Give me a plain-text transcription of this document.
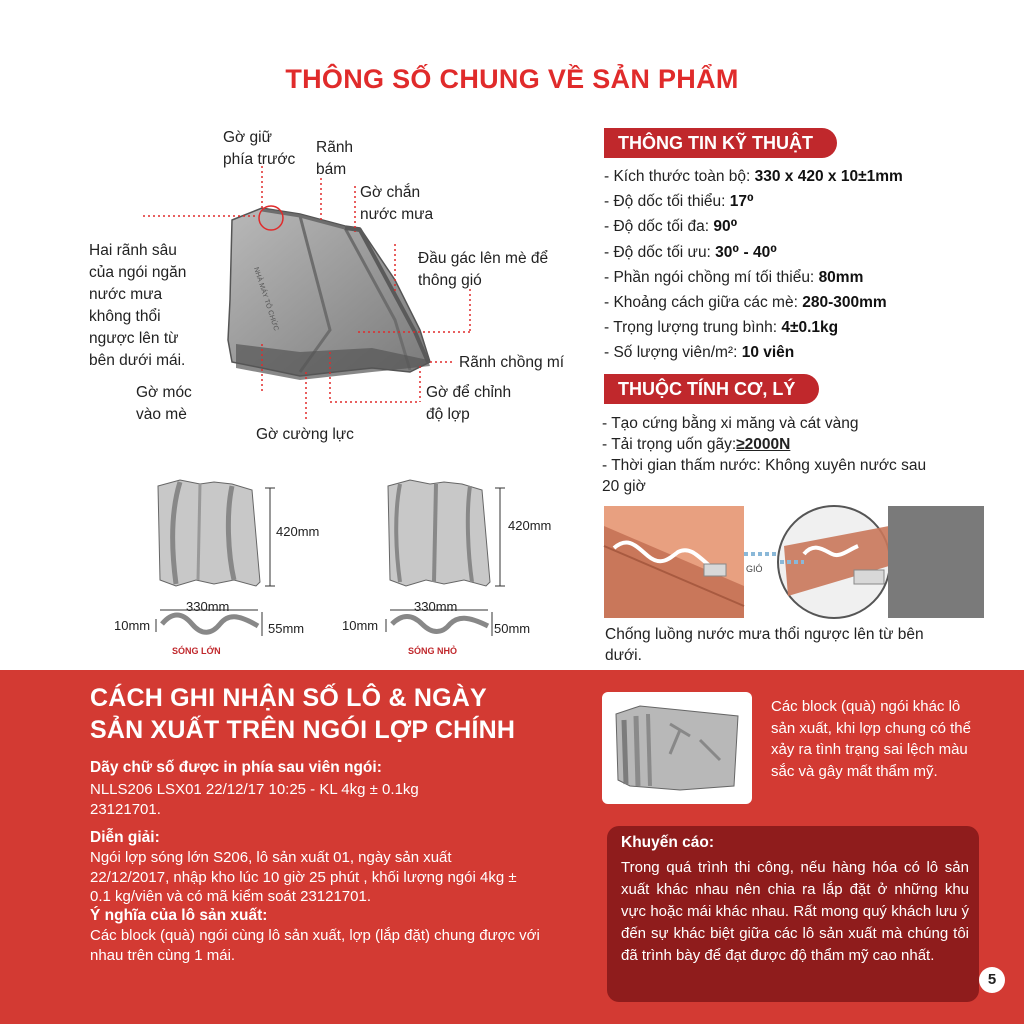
THÔNG SỐ CHUNG VỀ SẢN PHẨM
NHÀ MÁY TÔ CHỨC
Gờ giữ
phía trước
Rãnh
bám
Gờ chắn
nước mưa
Đầu gác lên mè để
thông gió
Hai rãnh sâu
của ngói ngăn
nước mưa
không thổi
ngược lên từ
bên dưới mái.	Rãnh chồng mí
Gờ móc
vào mè
Gờ để chỉnh
độ lợp
Gờ cường lực
420mm
330mm
10mm	55mm
SÓNG LỚN
420mm
330mm
10mm	50mm
SÓNG NHỎ
THÔNG TIN KỸ THUẬT
- Kích thước toàn bộ: 330 x 420 x 10±1mm
- Độ dốc tối thiểu: 17⁰
- Độ dốc tối đa: 90⁰
- Độ dốc tối ưu: 30⁰ - 40⁰
- Phần ngói chồng mí tối thiểu: 80mm
- Khoảng cách giữa các mè: 280-300mm
- Trọng lượng trung bình: 4±0.1kg
- Số lượng viên/m²: 10 viên
THUỘC TÍNH CƠ, LÝ
- Tạo cứng bằng xi măng và cát vàng
- Tải trọng uốn gãy:≥2000N
- Thời gian thấm nước: Không xuyên nước sau 20 giờ
GIÓ

Chống luồng nước mưa thổi ngược lên từ bên dưới.

CÁCH GHI NHẬN SỐ LÔ & NGÀY
SẢN XUẤT TRÊN NGÓI LỢP CHÍNH

Dãy chữ số được in phía sau viên ngói:

NLLS206 LSX01 22/12/17 10:25 - KL 4kg ± 0.1kg 23121701.

Diễn giải:

Ngói lợp sóng lớn S206, lô sản xuất 01, ngày sản xuất 22/12/2017, nhập kho lúc 10 giờ 25 phút , khối lượng ngói 4kg ± 0.1 kg/viên và có mã kiểm soát 23121701.

Ý nghĩa của lô sản xuất:

Các block (quà) ngói cùng lô sản xuất, lợp (lắp đặt) chung được với nhau trên cùng 1 mái.

Các block (quà) ngói khác lô sản xuất, khi lợp chung có thể xảy ra tình trạng sai lệch màu sắc và gây mất thẩm mỹ.

Khuyến cáo:

Trong quá trình thi công, nếu hàng hóa có lô sản xuất khác nhau nên chia ra lắp đặt ở những khu vực hoặc mái khác nhau. Rất mong quý khách lưu ý đến sự khác biệt giữa các lô sản xuất mà chúng tôi đã trình bày để đạt được độ thẩm mỹ cao nhất.

5
